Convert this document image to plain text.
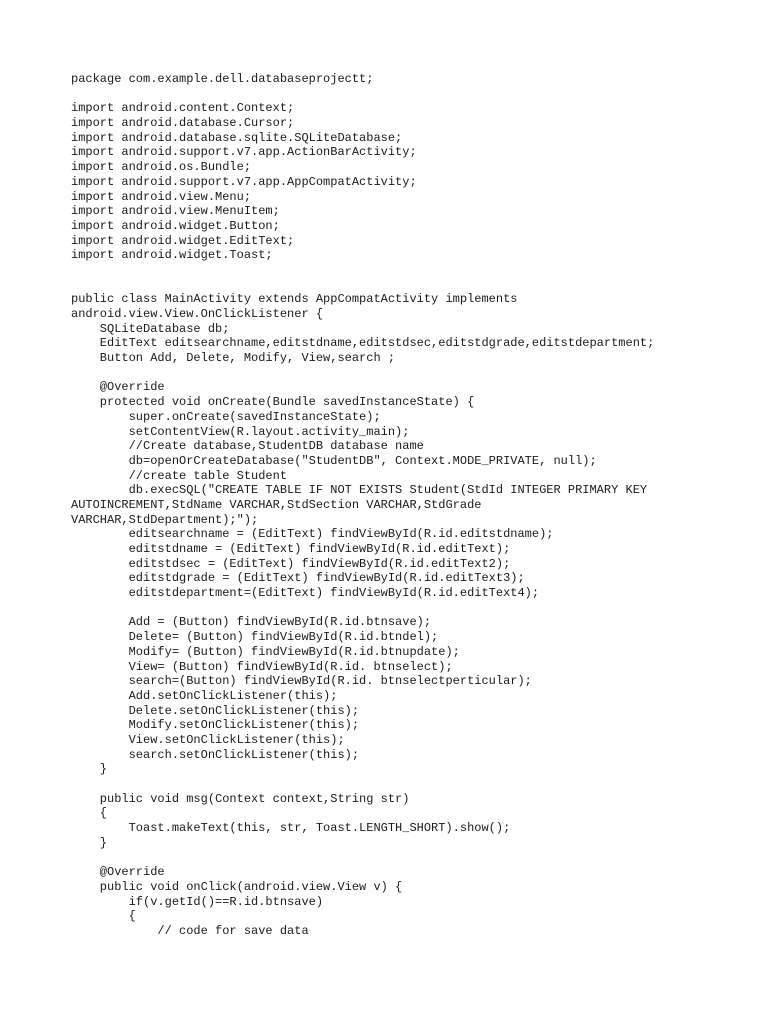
package com.example.dell.databaseprojectt;
import android.content.Context;
import android.database.Cursor;
import android.database.sqlite.SQLiteDatabase;
import android.support.v7.app.ActionBarActivity;
import android.os.Bundle;
import android.support.v7.app.AppCompatActivity;
import android.view.Menu;
import android.view.MenuItem;
import android.widget.Button;
import android.widget.EditText;
import android.widget.Toast;
public class MainActivity extends AppCompatActivity implements
android.view.View.OnClickListener {
SQLiteDatabase db;
EditText editsearchname,editstdname,editstdsec,editstdgrade,editstdepartment;
Button Add, Delete, Modify, View,search ;
@Override
protected void onCreate(Bundle savedInstanceState) {
super.onCreate(savedInstanceState);
setContentView(R.layout.activity_main);
//Create database,StudentDB database name
db=openOrCreateDatabase("StudentDB", Context.MODE_PRIVATE, null);
//create table Student
db.execSQL("CREATE TABLE IF NOT EXISTS Student(StdId INTEGER PRIMARY KEY
AUTOINCREMENT,StdName VARCHAR,StdSection VARCHAR,StdGrade
VARCHAR,StdDepartment);");
editsearchname = (EditText) findViewById(R.id.editstdname);
editstdname = (EditText) findViewById(R.id.editText);
editstdsec = (EditText) findViewById(R.id.editText2);
editstdgrade = (EditText) findViewById(R.id.editText3);
editstdepartment=(EditText) findViewById(R.id.editText4);
Add = (Button) findViewById(R.id.btnsave);
Delete= (Button) findViewById(R.id.btndel);
Modify= (Button) findViewById(R.id.btnupdate);
View= (Button) findViewById(R.id. btnselect);
search=(Button) findViewById(R.id. btnselectperticular);
Add.setOnClickListener(this);
Delete.setOnClickListener(this);
Modify.setOnClickListener(this);
View.setOnClickListener(this);
search.setOnClickListener(this);
}
public void msg(Context context,String str)
{
Toast.makeText(this, str, Toast.LENGTH_SHORT).show();
}
@Override
public void onClick(android.view.View v) {
if(v.getId()==R.id.btnsave)
{
// code for save data
